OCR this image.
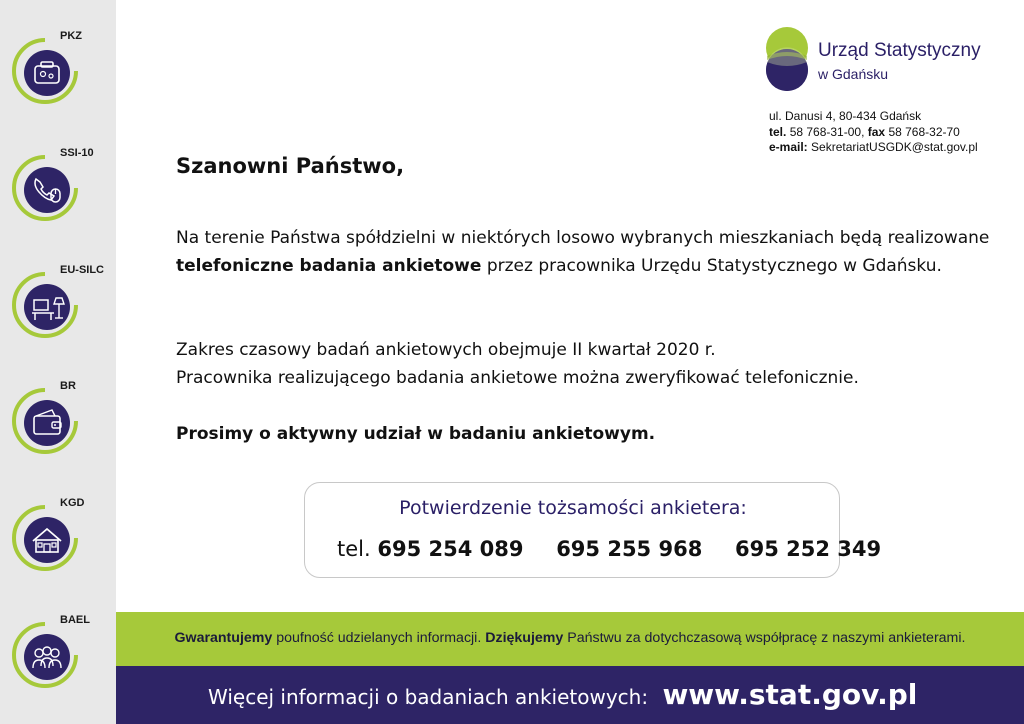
PKZ
SSI-10
EU-SILC
BR
KGD
BAEL
Urząd Statystyczny
w Gdańsku
ul. Danusi 4, 80-434 Gdańsk
tel. 58 768-31-00, fax 58 768-32-70
e-mail: SekretariatUSGDK@stat.gov.pl
Szanowni Państwo,
Na terenie Państwa spółdzielni w niektórych losowo wybranych mieszkaniach będą realizowane telefoniczne badania ankietowe przez pracownika Urzędu Statystycznego w Gdańsku.
Zakres czasowy badań ankietowych obejmuje II kwartał 2020 r.
Pracownika realizującego badania ankietowe można zweryfikować telefonicznie.
Prosimy o aktywny udział w badaniu ankietowym.
Potwierdzenie tożsamości ankietera:
tel. 695 254 089 695 255 968 695 252 349
Gwarantujemy poufność udzielanych informacji. Dziękujemy Państwu za dotychczasową współpracę z naszymi ankieterami.
Więcej informacji o badaniach ankietowych: www.stat.gov.pl
